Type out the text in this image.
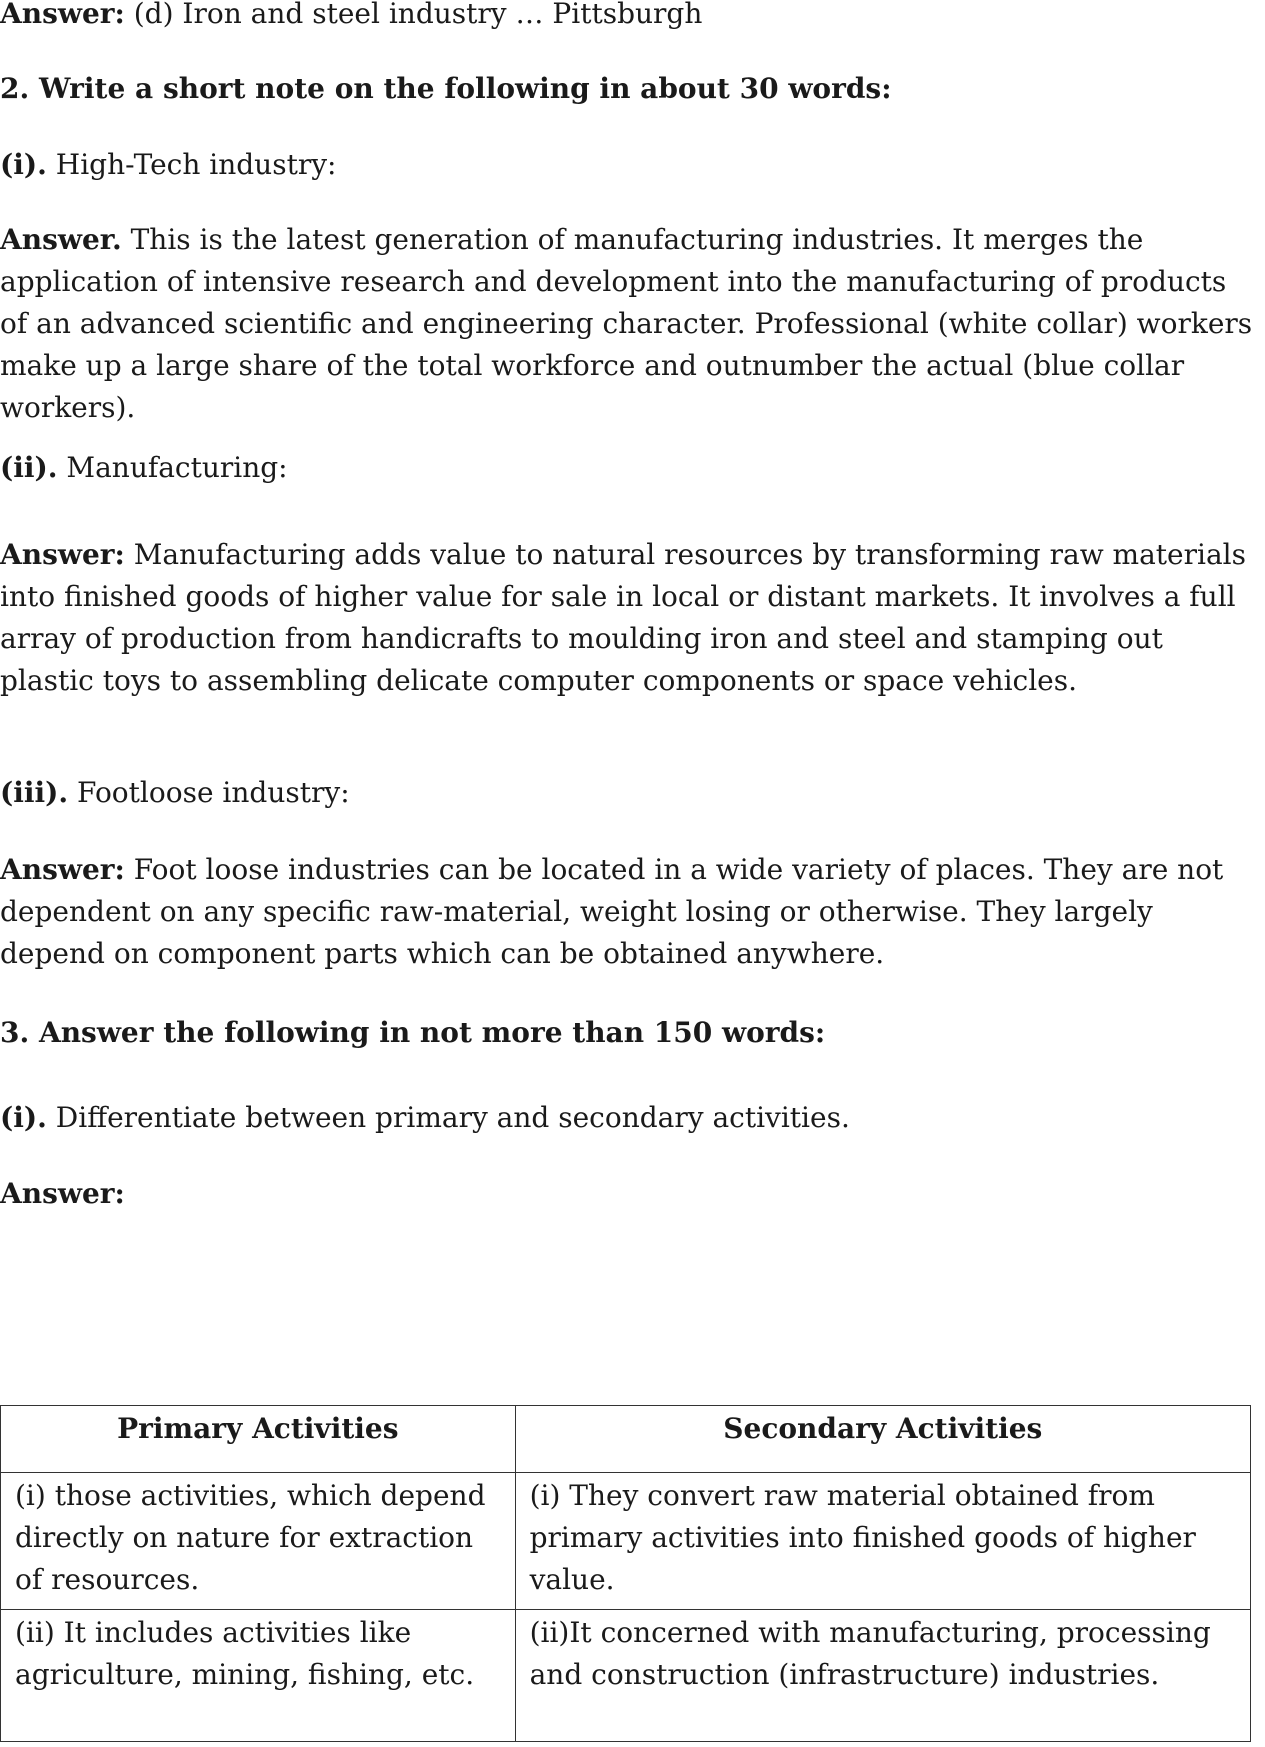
Answer: (d) Iron and steel industry … Pittsburgh

2. Write a short note on the following in about 30 words:

(i). High-Tech industry:

Answer. This is the latest generation of manufacturing industries. It merges the application of intensive research and development into the manufacturing of products of an advanced scientific and engineering character. Professional (white collar) workers make up a large share of the total workforce and outnumber the actual (blue collar workers).

(ii). Manufacturing:

Answer: Manufacturing adds value to natural resources by transforming raw materials into finished goods of higher value for sale in local or distant markets. It involves a full array of production from handicrafts to moulding iron and steel and stamping out plastic toys to assembling delicate computer components or space vehicles.

(iii). Footloose industry:

Answer: Foot loose industries can be located in a wide variety of places. They are not dependent on any specific raw-material, weight losing or otherwise. They largely depend on component parts which can be obtained anywhere.

3. Answer the following in not more than 150 words:

(i). Differentiate between primary and secondary activities.

Answer:

Primary Activities	Secondary Activities
(i) those activities, which depend directly on nature for extraction of resources.	(i) They convert raw material obtained from primary activities into finished goods of higher value.
(ii) It includes activities like agriculture, mining, fishing, etc.	(ii)It concerned with manufacturing, processing and construction (infrastructure) industries.
